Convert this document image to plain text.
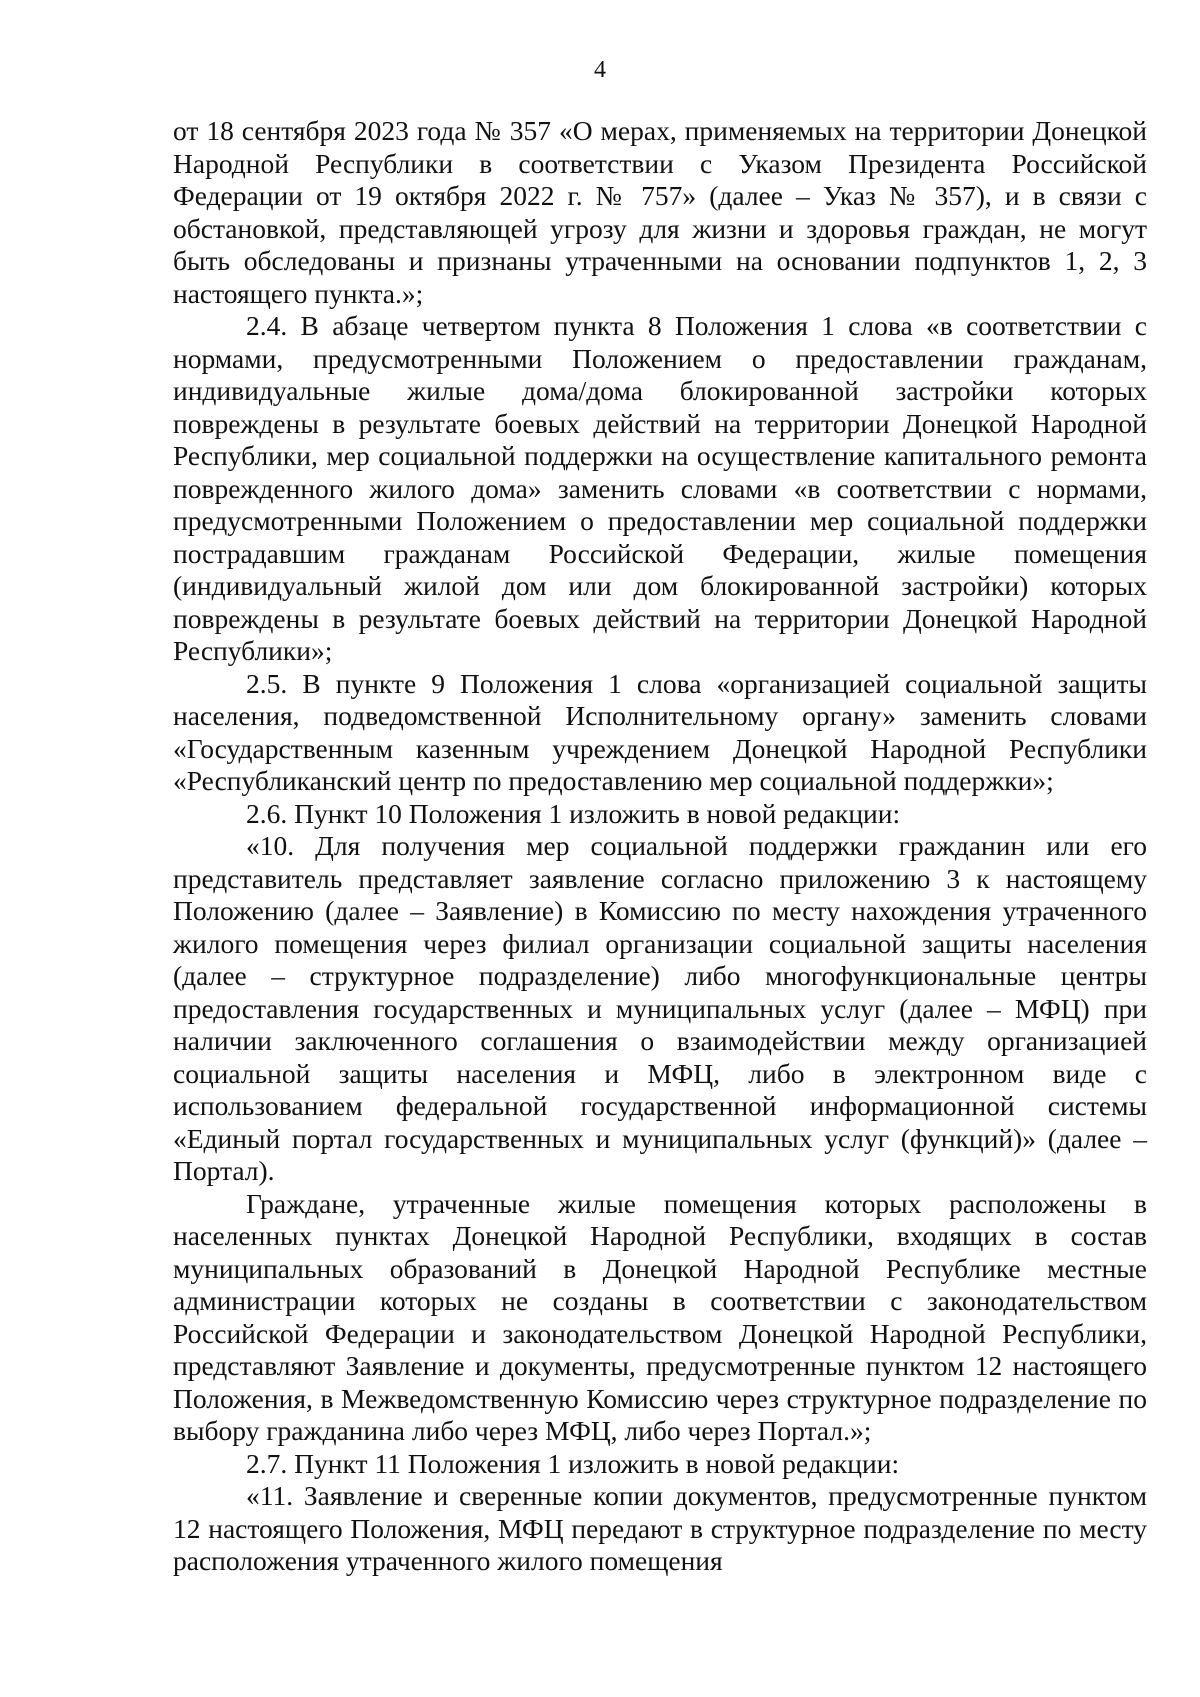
4

от 18 сентября 2023 года № 357 «О мерах, применяемых на территории Донецкой Народной Республики в соответствии с Указом Президента Российской Федерации от 19 октября 2022 г. № 757» (далее – Указ № 357), и в связи с обстановкой, представляющей угрозу для жизни и здоровья граждан, не могут быть обследованы и признаны утраченными на основании подпунктов 1, 2, 3 настоящего пункта.»;

2.4. В абзаце четвертом пункта 8 Положения 1 слова «в соответствии с нормами, предусмотренными Положением о предоставлении гражданам, индивидуальные жилые дома/дома блокированной застройки которых повреждены в результате боевых действий на территории Донецкой Народной Республики, мер социальной поддержки на осуществление капитального ремонта поврежденного жилого дома» заменить словами «в соответствии с нормами, предусмотренными Положением о предоставлении мер социальной поддержки пострадавшим гражданам Российской Федерации, жилые помещения (индивидуальный жилой дом или дом блокированной застройки) которых повреждены в результате боевых действий на территории Донецкой Народной Республики»;

2.5. В пункте 9 Положения 1 слова «организацией социальной защиты населения, подведомственной Исполнительному органу» заменить словами «Государственным казенным учреждением Донецкой Народной Республики «Республиканский центр по предоставлению мер социальной поддержки»;

2.6. Пункт 10 Положения 1 изложить в новой редакции:

«10. Для получения мер социальной поддержки гражданин или его представитель представляет заявление согласно приложению 3 к настоящему Положению (далее – Заявление) в Комиссию по месту нахождения утраченного жилого помещения через филиал организации социальной защиты населения (далее – структурное подразделение) либо многофункциональные центры предоставления государственных и муниципальных услуг (далее – МФЦ) при наличии заключенного соглашения о взаимодействии между организацией социальной защиты населения и МФЦ, либо в электронном виде с использованием федеральной государственной информационной системы «Единый портал государственных и муниципальных услуг (функций)» (далее – Портал).

Граждане, утраченные жилые помещения которых расположены в населенных пунктах Донецкой Народной Республики, входящих в состав муниципальных образований в Донецкой Народной Республике местные администрации которых не созданы в соответствии с законодательством Российской Федерации и законодательством Донецкой Народной Республики, представляют Заявление и документы, предусмотренные пунктом 12 настоящего Положения, в Межведомственную Комиссию через структурное подразделение по выбору гражданина либо через МФЦ, либо через Портал.»;

2.7. Пункт 11 Положения 1 изложить в новой редакции:

«11. Заявление и сверенные копии документов, предусмотренные пунктом 12 настоящего Положения, МФЦ передают в структурное подразделение по месту расположения утраченного жилого помещения
